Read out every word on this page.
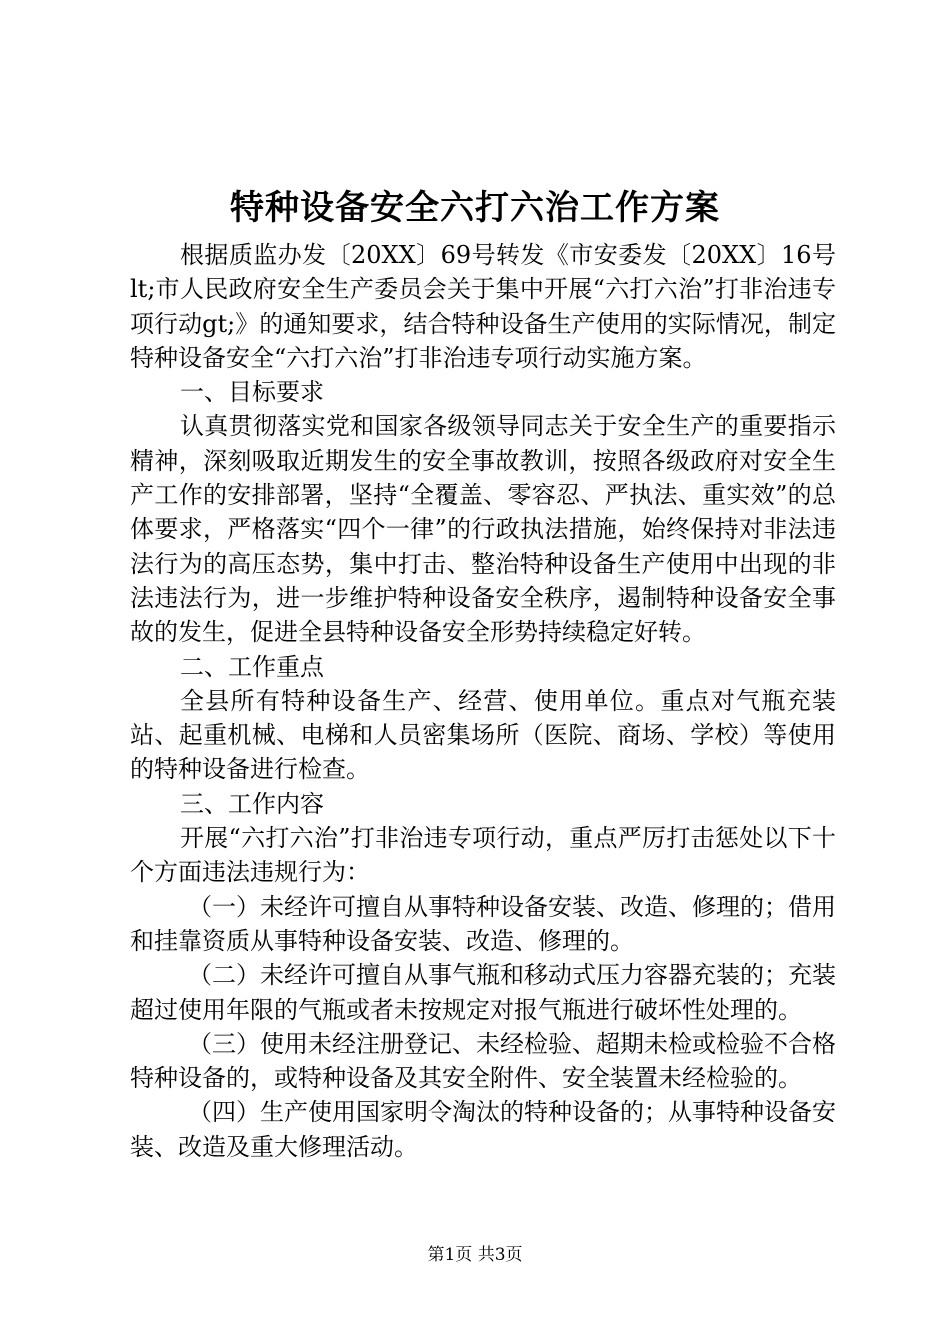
特种设备安全六打六治工作方案

根据质监办发〔20XX〕69号转发《市安委发〔20XX〕16号lt;市人民政府安全生产委员会关于集中开展“六打六治”打非治违专项行动gt;》的通知要求，结合特种设备生产使用的实际情况，制定特种设备安全“六打六治”打非治违专项行动实施方案。

一、目标要求

认真贯彻落实党和国家各级领导同志关于安全生产的重要指示精神，深刻吸取近期发生的安全事故教训，按照各级政府对安全生产工作的安排部署，坚持“全覆盖、零容忍、严执法、重实效”的总体要求，严格落实“四个一律”的行政执法措施，始终保持对非法违法行为的高压态势，集中打击、整治特种设备生产使用中出现的非法违法行为，进一步维护特种设备安全秩序，遏制特种设备安全事故的发生，促进全县特种设备安全形势持续稳定好转。

二、工作重点

全县所有特种设备生产、经营、使用单位。重点对气瓶充装站、起重机械、电梯和人员密集场所（医院、商场、学校）等使用的特种设备进行检查。

三、工作内容

开展“六打六治”打非治违专项行动，重点严厉打击惩处以下十个方面违法违规行为：

（一）未经许可擅自从事特种设备安装、改造、修理的；借用和挂靠资质从事特种设备安装、改造、修理的。

（二）未经许可擅自从事气瓶和移动式压力容器充装的；充装超过使用年限的气瓶或者未按规定对报气瓶进行破坏性处理的。

（三）使用未经注册登记、未经检验、超期未检或检验不合格特种设备的，或特种设备及其安全附件、安全装置未经检验的。

（四）生产使用国家明令淘汰的特种设备的；从事特种设备安装、改造及重大修理活动。

第1页 共3页
